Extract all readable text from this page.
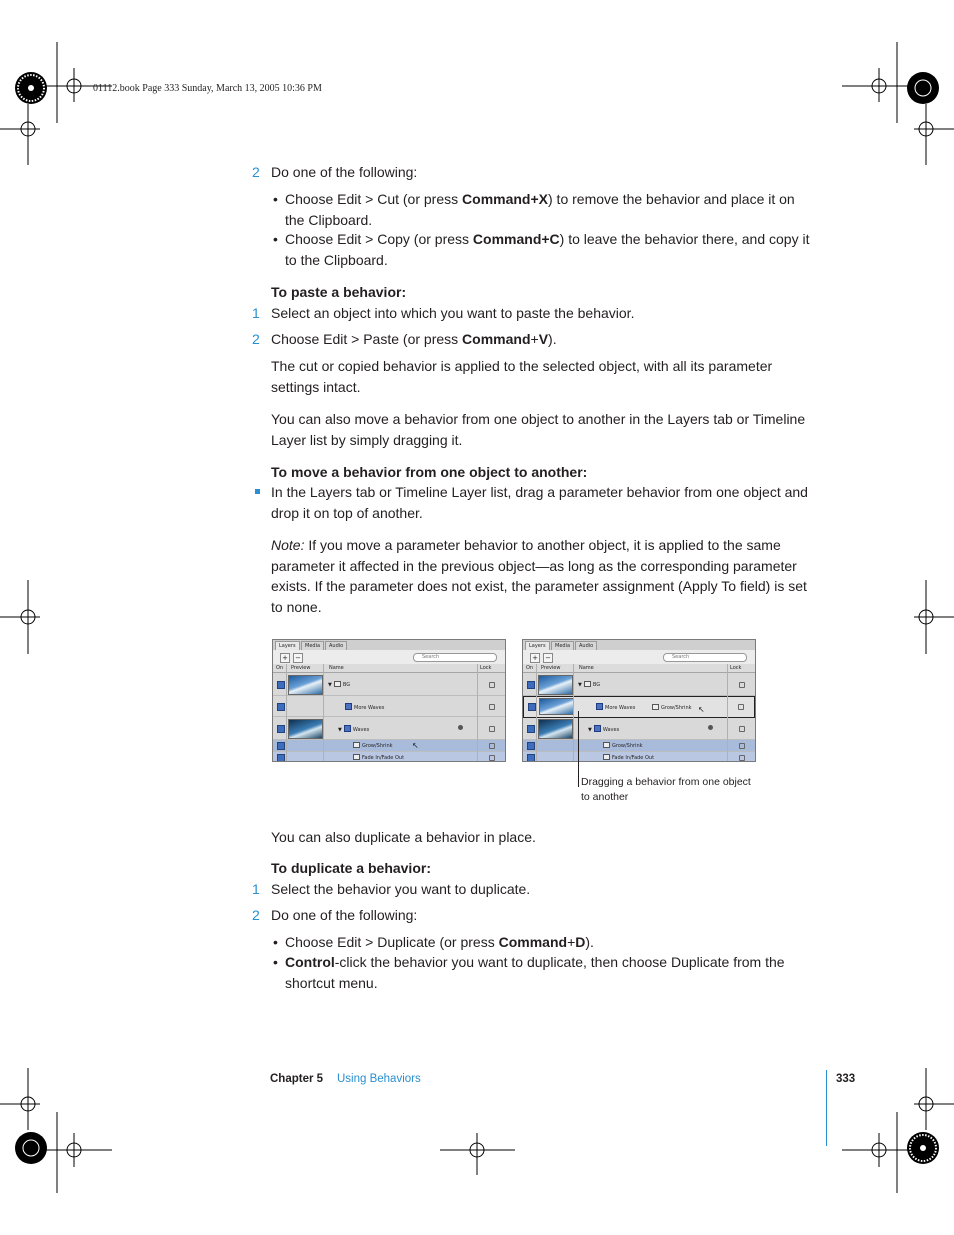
01112.book Page 333 Sunday, March 13, 2005 10:36 PM
2 Do one of the following:
• Choose Edit > Cut (or press Command+X) to remove the behavior and place it on
the Clipboard.
• Choose Edit > Copy (or press Command+C) to leave the behavior there, and copy it
to the Clipboard.
To paste a behavior:
1 Select an object into which you want to paste the behavior.
2 Choose Edit > Paste (or press Command+V).
The cut or copied behavior is applied to the selected object, with all its parameter
settings intact.
You can also move a behavior from one object to another in the Layers tab or Timeline
Layer list by simply dragging it.
To move a behavior from one object to another:
In the Layers tab or Timeline Layer list, drag a parameter behavior from one object and
drop it on top of another.
Note: If you move a parameter behavior to another object, it is applied to the same
parameter it affected in the previous object—as long as the corresponding parameter
exists. If the parameter does not exist, the parameter assignment (Apply To field) is set
to none.
Layers	Media	Audio
+ −	Search
On Preview	Name	Lock
▼ BG
More Waves
▼ Waves
Grow/Shrink ↖
Fade In/Fade Out
Layers	Media	Audio
+ −	Search
On Preview	Name	Lock
▼ BG
More Waves	Grow/Shrink ↖
▼ Waves
Grow/Shrink
Fade In/Fade Out
Dragging a behavior from one object
to another
You can also duplicate a behavior in place.
To duplicate a behavior:
1 Select the behavior you want to duplicate.
2 Do one of the following:
• Choose Edit > Duplicate (or press Command+D).
• Control-click the behavior you want to duplicate, then choose Duplicate from the
shortcut menu.
Chapter 5 Using Behaviors	333
